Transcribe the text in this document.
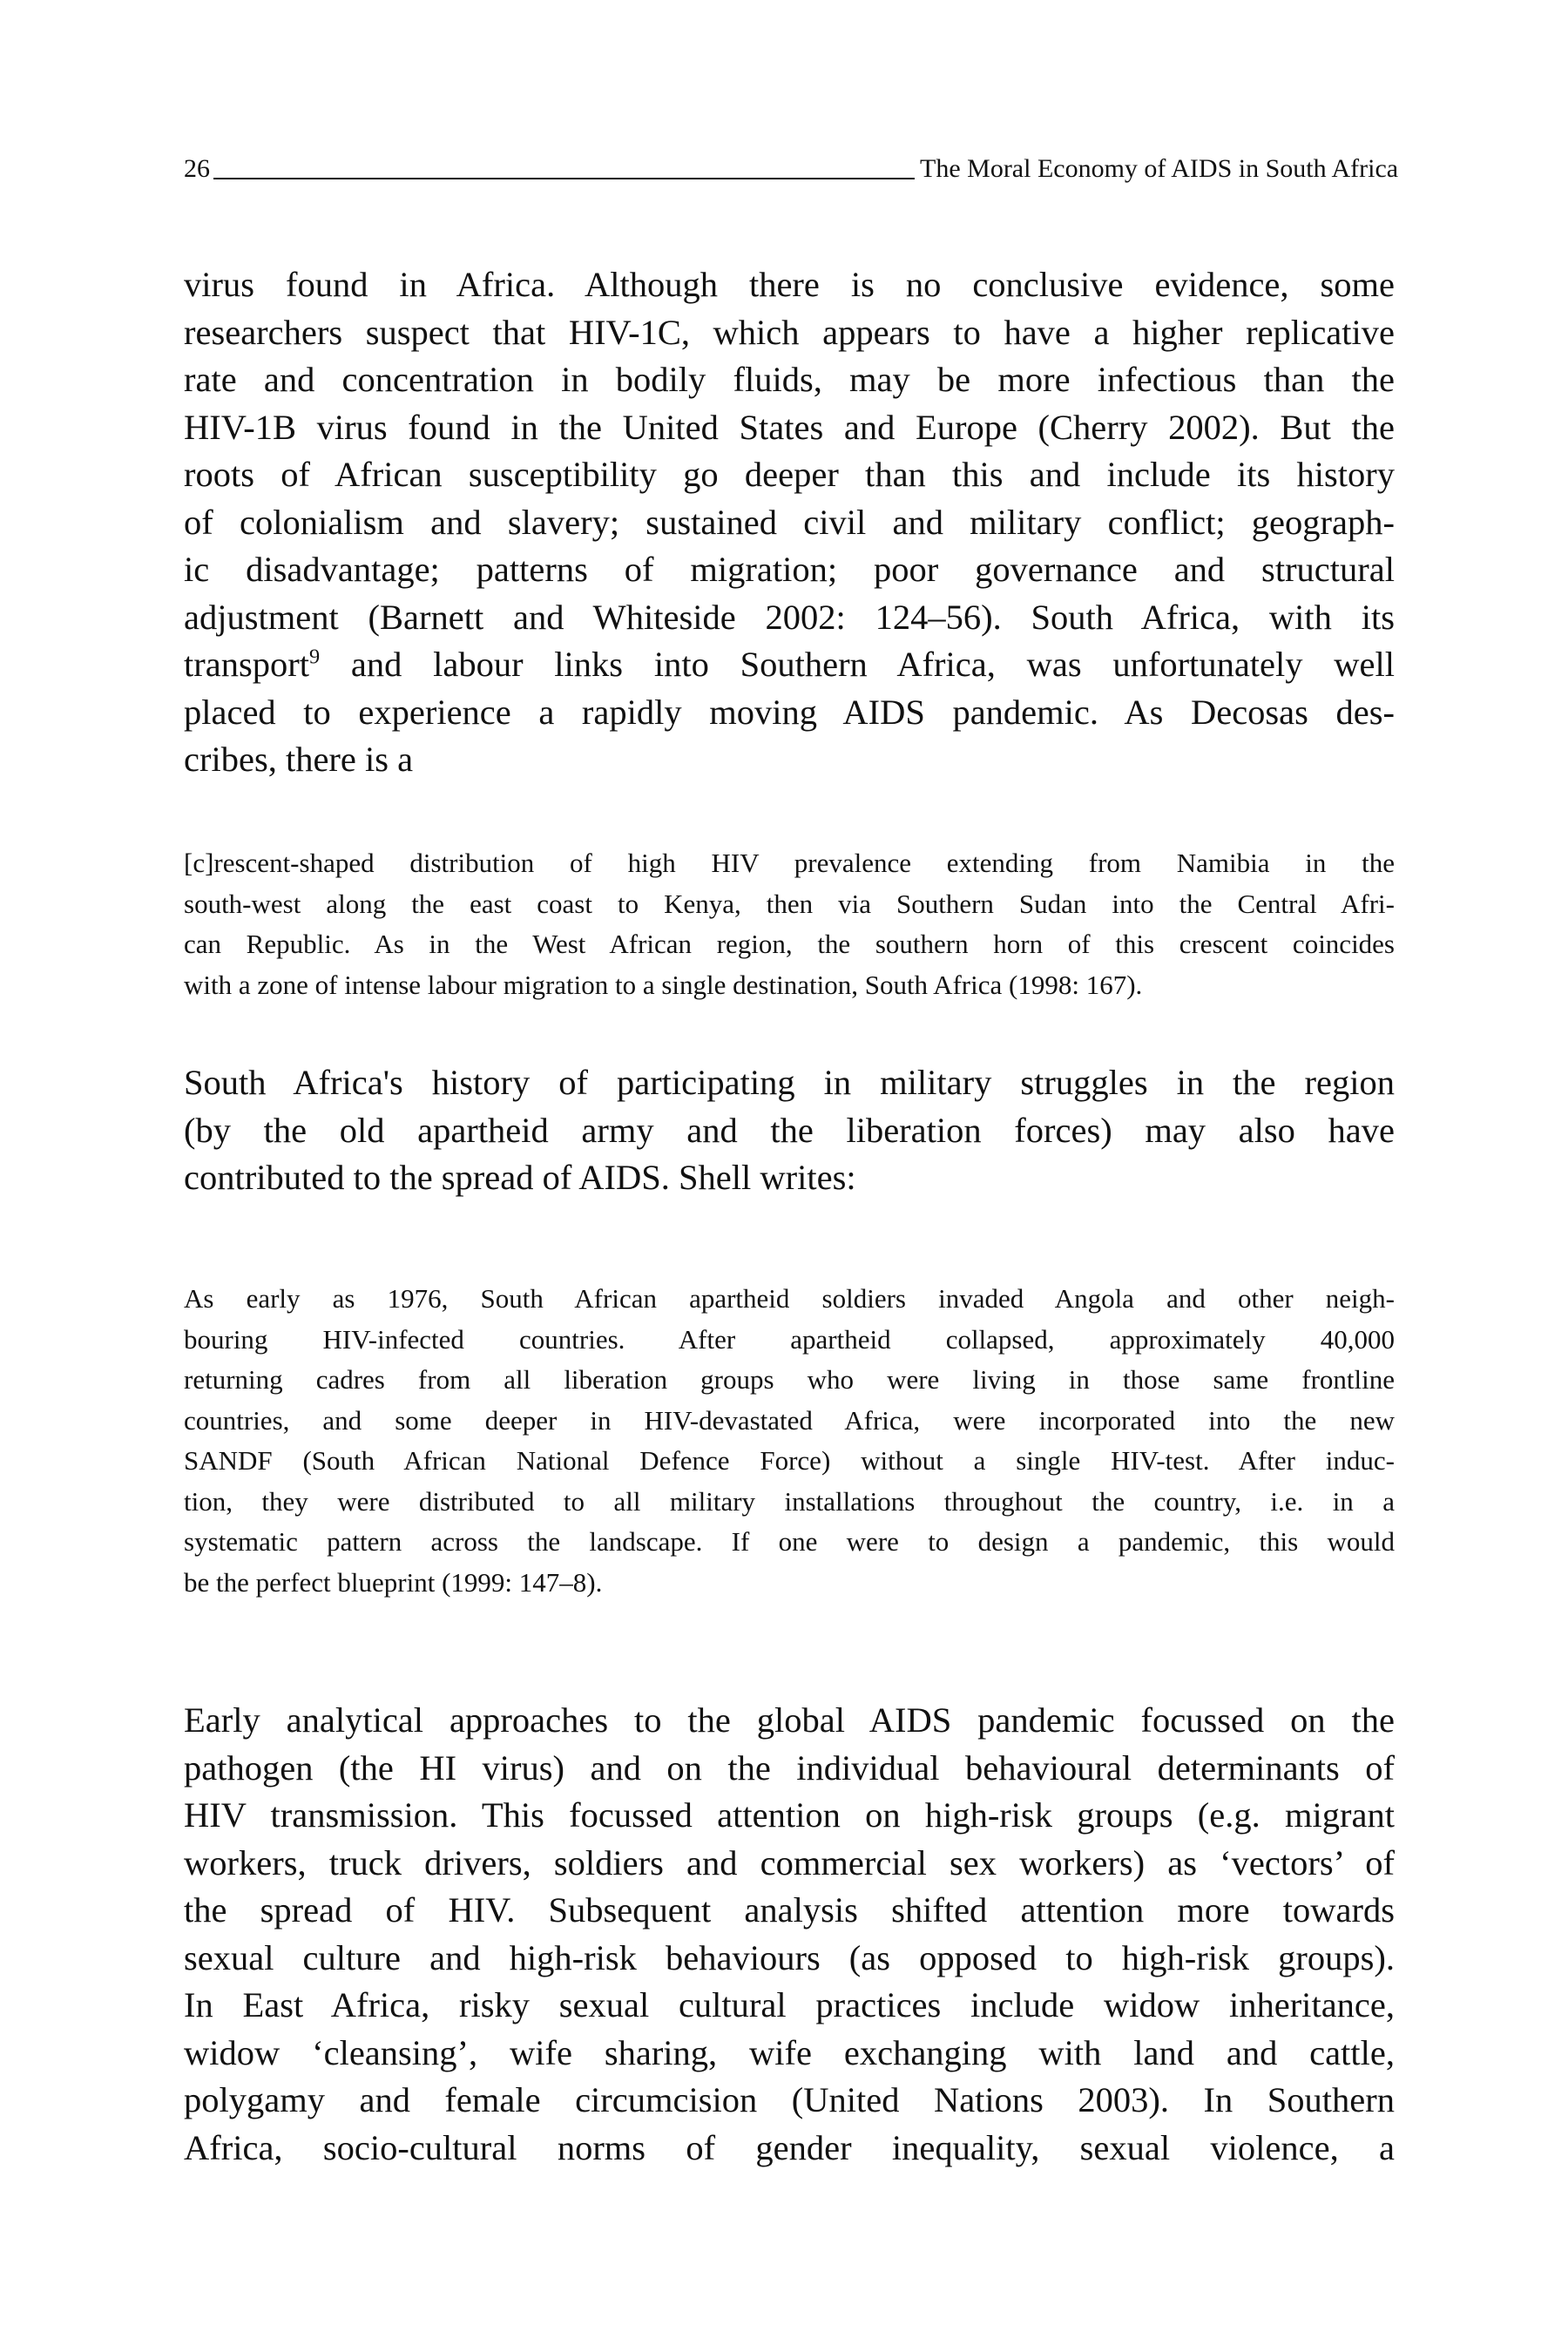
26	The Moral Economy of AIDS in South Africa

virus found in Africa. Although there is no conclusive evidence, some
researchers suspect that HIV-1C, which appears to have a higher replicative
rate and concentration in bodily fluids, may be more infectious than the
HIV-1B virus found in the United States and Europe (Cherry 2002). But the
roots of African susceptibility go deeper than this and include its history
of colonialism and slavery; sustained civil and military conflict; geograph-
ic disadvantage; patterns of migration; poor governance and structural
adjustment (Barnett and Whiteside 2002: 124–56). South Africa, with its
transport$^9$ and labour links into Southern Africa, was unfortunately well
placed to experience a rapidly moving AIDS pandemic. As Decosas des-
cribes, there is a

[c]rescent-shaped distribution of high HIV prevalence extending from Namibia in the
south-west along the east coast to Kenya, then via Southern Sudan into the Central Afri-
can Republic. As in the West African region, the southern horn of this crescent coincides
with a zone of intense labour migration to a single destination, South Africa (1998: 167).

South Africa's history of participating in military struggles in the region
(by the old apartheid army and the liberation forces) may also have
contributed to the spread of AIDS. Shell writes:

As early as 1976, South African apartheid soldiers invaded Angola and other neigh-
bouring HIV-infected countries. After apartheid collapsed, approximately 40,000
returning cadres from all liberation groups who were living in those same frontline
countries, and some deeper in HIV-devastated Africa, were incorporated into the new
SANDF (South African National Defence Force) without a single HIV-test. After induc-
tion, they were distributed to all military installations throughout the country, i.e. in a
systematic pattern across the landscape. If one were to design a pandemic, this would
be the perfect blueprint (1999: 147–8).

Early analytical approaches to the global AIDS pandemic focussed on the
pathogen (the HI virus) and on the individual behavioural determinants of
HIV transmission. This focussed attention on high-risk groups (e.g. migrant
workers, truck drivers, soldiers and commercial sex workers) as ‘vectors’ of
the spread of HIV. Subsequent analysis shifted attention more towards
sexual culture and high-risk behaviours (as opposed to high-risk groups).
In East Africa, risky sexual cultural practices include widow inheritance,
widow ‘cleansing’, wife sharing, wife exchanging with land and cattle,
polygamy and female circumcision (United Nations 2003). In Southern
Africa, socio-cultural norms of gender inequality, sexual violence, a
